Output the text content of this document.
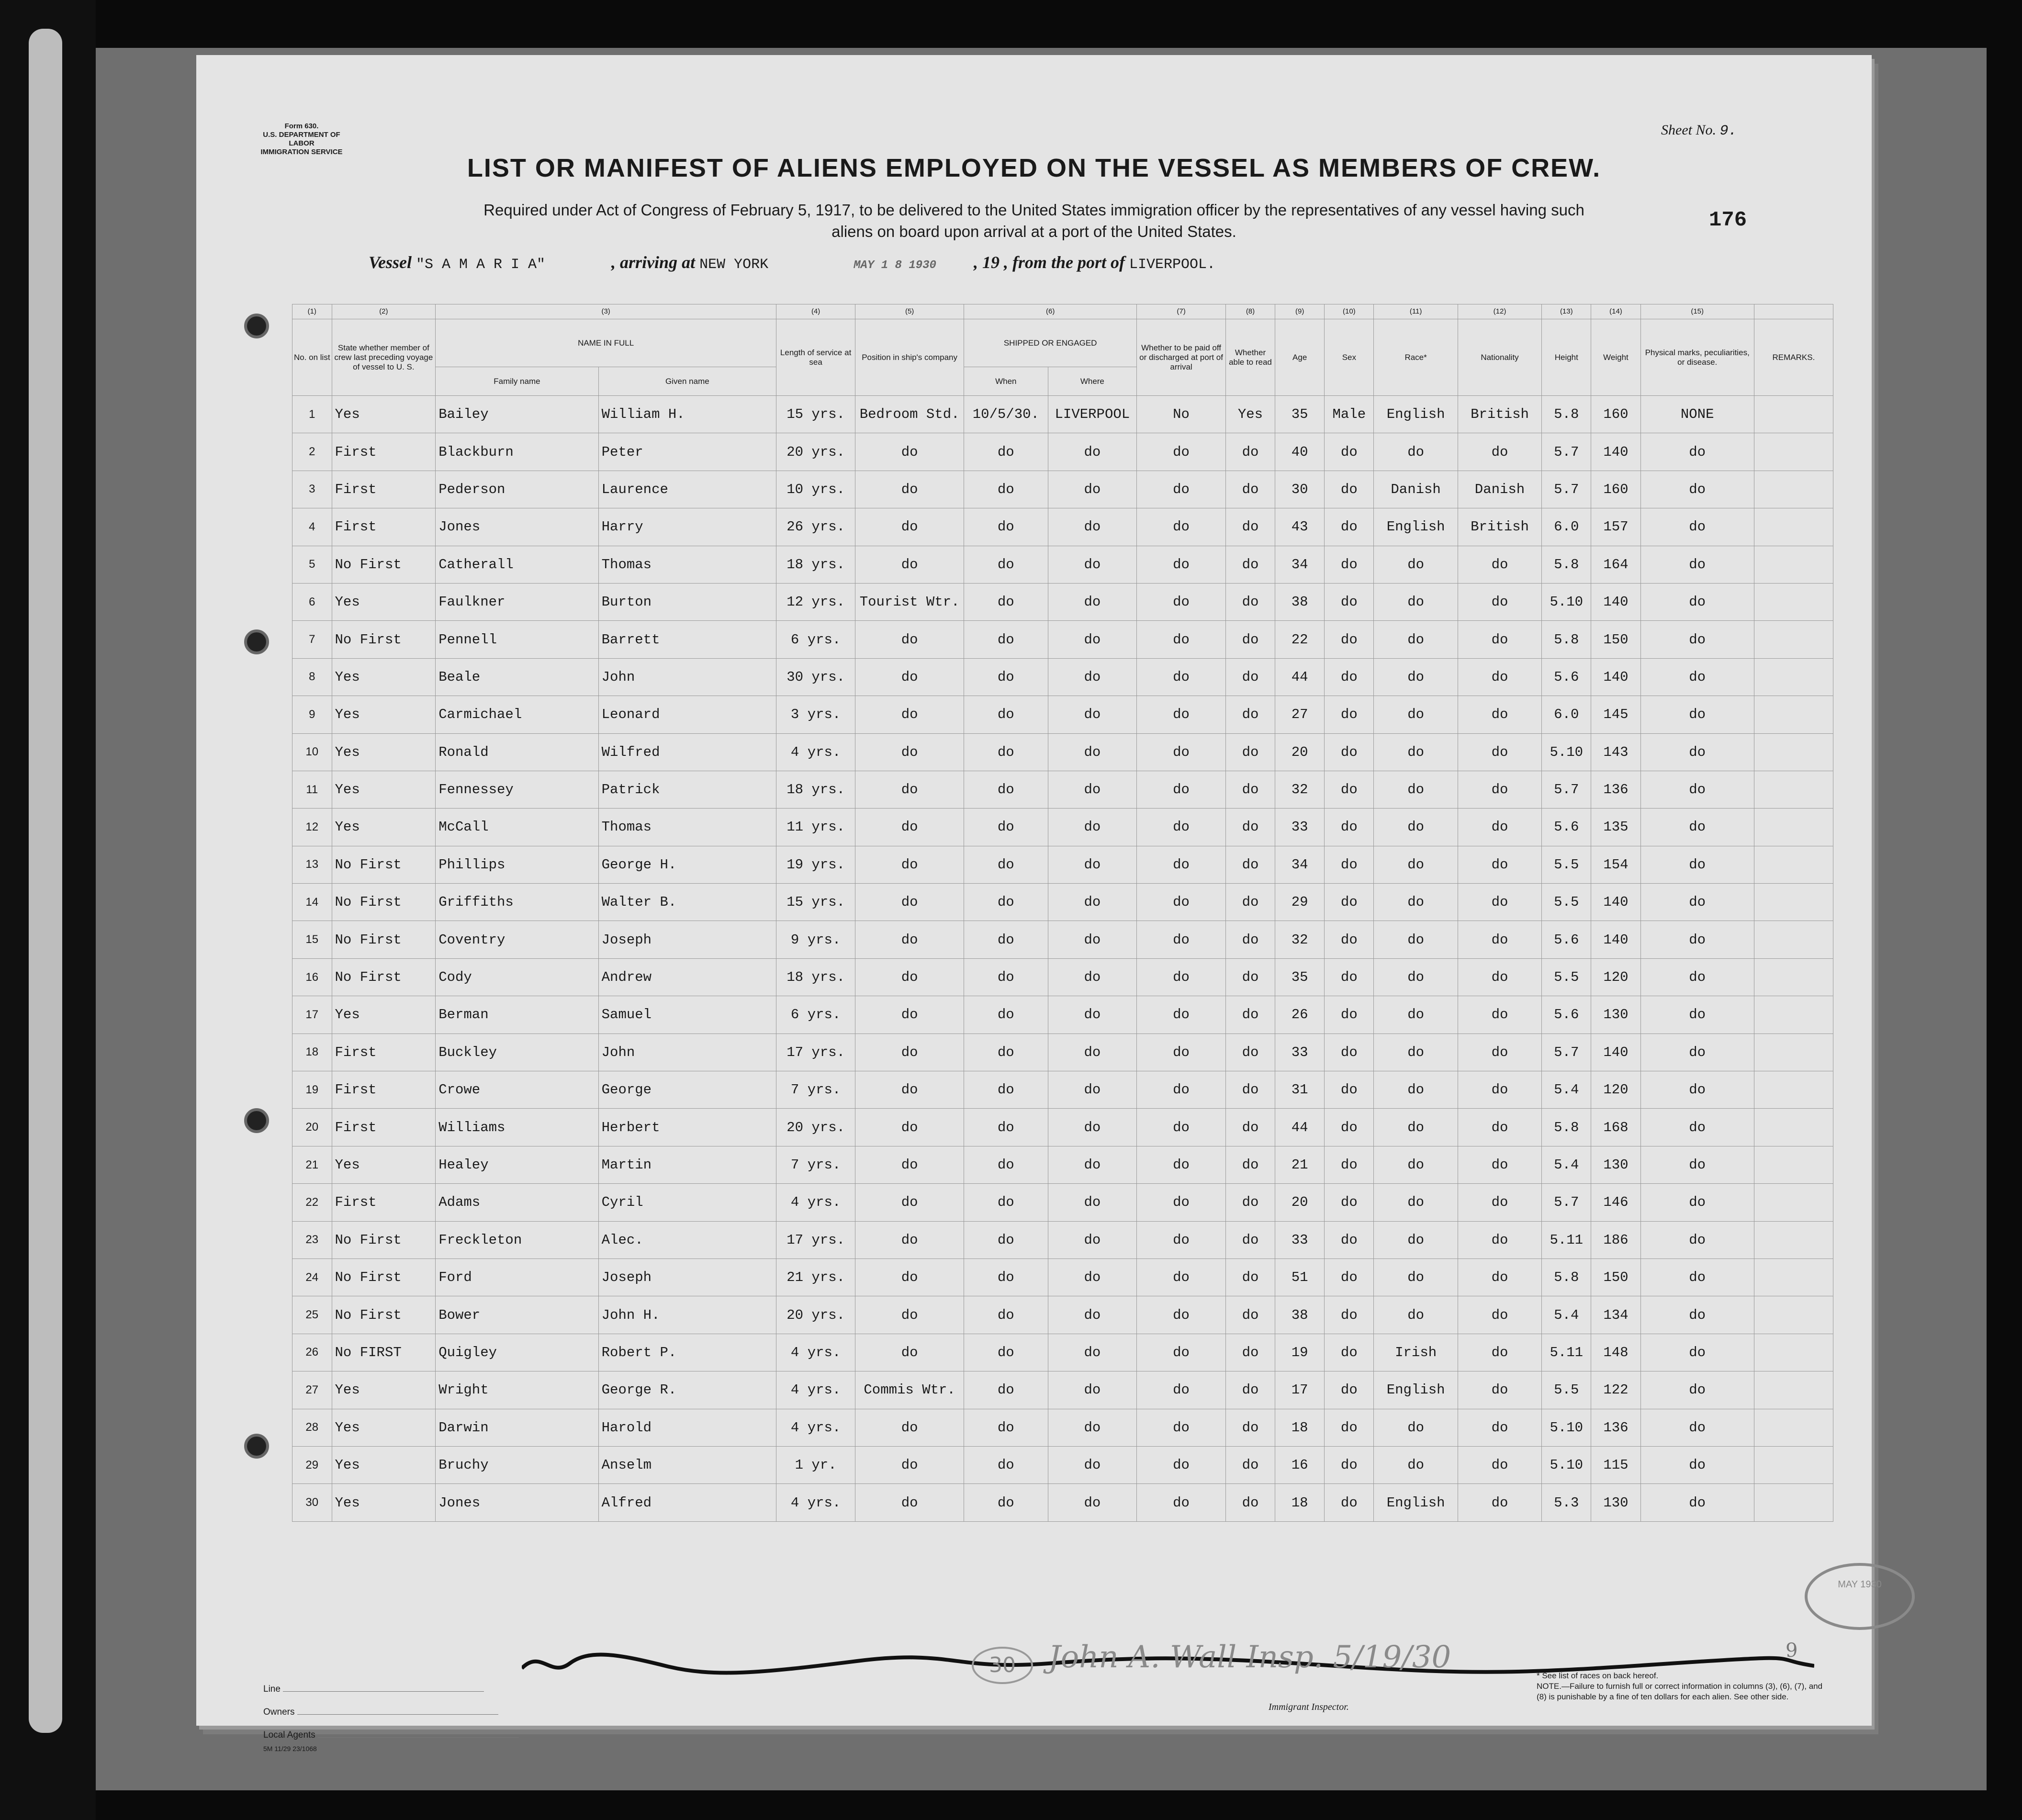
Form 630.
U.S. DEPARTMENT OF LABOR
IMMIGRATION SERVICE
Sheet No. 9.
LIST OR MANIFEST OF ALIENS EMPLOYED ON THE VESSEL AS MEMBERS OF CREW.
Required under Act of Congress of February 5, 1917, to be delivered to the United States immigration officer by the representatives of any vessel having such
aliens on board upon arrival at a port of the United States.	176
Vessel "S A M A R I A"	, arriving at NEW YORK	MAY 1 8 1930 , 19 , from the port of LIVERPOOL.
(1)	(2)	(3)		(4)	(5)	(6)		(7)	(8)	(9)	(10)	(11)	(12)	(13)	(14)	(15)	
No. on list	State whether member of crew last preceding voyage of vessel to U. S.	NAME IN FULL		Length of service at sea	Position in ship's company	SHIPPED OR ENGAGED		Whether to be paid off or discharged at port of arrival	Whether able to read	Age	Sex	Race*	Nationality	Height	Weight	Physical marks, peculiarities, or disease.	REMARKS.
		Family name	Given name			When	Where										
1	Yes	Bailey	William H.	15 yrs.	Bedroom Std.	10/5/30.	LIVERPOOL	No	Yes	35	Male	English	British	5.8	160	NONE	
2	First	Blackburn	Peter	20 yrs.	do	do	do	do	do	40	do	do	do	5.7	140	do	
3	First	Pederson	Laurence	10 yrs.	do	do	do	do	do	30	do	Danish	Danish	5.7	160	do	
4	First	Jones	Harry	26 yrs.	do	do	do	do	do	43	do	English	British	6.0	157	do	
5	No First	Catherall	Thomas	18 yrs.	do	do	do	do	do	34	do	do	do	5.8	164	do	
6	Yes	Faulkner	Burton	12 yrs.	Tourist Wtr.	do	do	do	do	38	do	do	do	5.10	140	do	
7	No First	Pennell	Barrett	6 yrs.	do	do	do	do	do	22	do	do	do	5.8	150	do	
8	Yes	Beale	John	30 yrs.	do	do	do	do	do	44	do	do	do	5.6	140	do	
9	Yes	Carmichael	Leonard	3 yrs.	do	do	do	do	do	27	do	do	do	6.0	145	do	
10	Yes	Ronald	Wilfred	4 yrs.	do	do	do	do	do	20	do	do	do	5.10	143	do	
11	Yes	Fennessey	Patrick	18 yrs.	do	do	do	do	do	32	do	do	do	5.7	136	do	
12	Yes	McCall	Thomas	11 yrs.	do	do	do	do	do	33	do	do	do	5.6	135	do	
13	No First	Phillips	George H.	19 yrs.	do	do	do	do	do	34	do	do	do	5.5	154	do	
14	No First	Griffiths	Walter B.	15 yrs.	do	do	do	do	do	29	do	do	do	5.5	140	do	
15	No First	Coventry	Joseph	9 yrs.	do	do	do	do	do	32	do	do	do	5.6	140	do	
16	No First	Cody	Andrew	18 yrs.	do	do	do	do	do	35	do	do	do	5.5	120	do	
17	Yes	Berman	Samuel	6 yrs.	do	do	do	do	do	26	do	do	do	5.6	130	do	
18	First	Buckley	John	17 yrs.	do	do	do	do	do	33	do	do	do	5.7	140	do	
19	First	Crowe	George	7 yrs.	do	do	do	do	do	31	do	do	do	5.4	120	do	
20	First	Williams	Herbert	20 yrs.	do	do	do	do	do	44	do	do	do	5.8	168	do	
21	Yes	Healey	Martin	7 yrs.	do	do	do	do	do	21	do	do	do	5.4	130	do	
22	First	Adams	Cyril	4 yrs.	do	do	do	do	do	20	do	do	do	5.7	146	do	
23	No First	Freckleton	Alec.	17 yrs.	do	do	do	do	do	33	do	do	do	5.11	186	do	
24	No First	Ford	Joseph	21 yrs.	do	do	do	do	do	51	do	do	do	5.8	150	do	
25	No First	Bower	John H.	20 yrs.	do	do	do	do	do	38	do	do	do	5.4	134	do	
26	No FIRST	Quigley	Robert P.	4 yrs.	do	do	do	do	do	19	do	Irish	do	5.11	148	do	
27	Yes	Wright	George R.	4 yrs.	Commis Wtr.	do	do	do	do	17	do	English	do	5.5	122	do	
28	Yes	Darwin	Harold	4 yrs.	do	do	do	do	do	18	do	do	do	5.10	136	do	
29	Yes	Bruchy	Anselm	1 yr.	do	do	do	do	do	16	do	do	do	5.10	115	do	
30	Yes	Jones	Alfred	4 yrs.	do	do	do	do	do	18	do	English	do	5.3	130	do	
Line
Owners
Local Agents
5M 11/29 23/1068
30	John A. Wall Insp. 5/19/30
Immigrant Inspector.
* See list of races on back hereof.
NOTE.—Failure to furnish full or correct information in columns (3), (6), (7), and (8) is punishable by a fine of ten dollars for each alien. See other side.
9
MAY 1930
